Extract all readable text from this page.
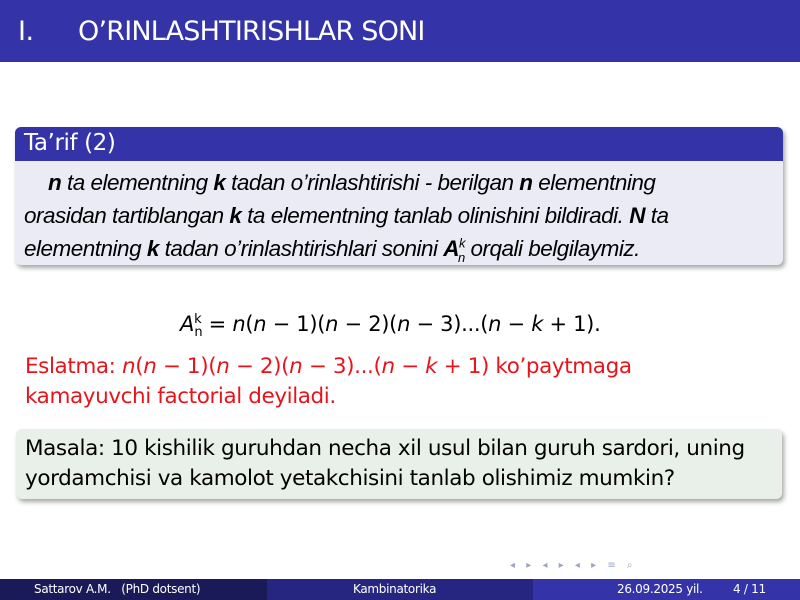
I. O’RINLASHTIRISHLAR SONI
Ta’rif (2)
n ta elementning k tadan o’rinlashtirishi - berilgan n elementning orasidan tartiblangan k ta elementning tanlab olinishini bildiradi. N ta elementning k tadan o’rinlashtirishlari sonini $A^k_n$ orqali belgilaymiz.
$A^k_n = n(n - 1)(n - 2)(n - 3)...(n - k + 1)$.
Eslatma: n(n − 1)(n − 2)(n − 3)...(n − k + 1) ko’paytmaga kamayuvchi factorial deyiladi.
Masala: 10 kishilik guruhdan necha xil usul bilan guruh sardori, uning yordamchisi va kamolot yetakchisini tanlab olishimiz mumkin?
◂ ▸ ◂ ▸ ◂ ▸ ≡ ⌕
Sattarov A.M.   (PhD dotsent)	Kambinatorika	26.09.2025 yil.	4 / 11
